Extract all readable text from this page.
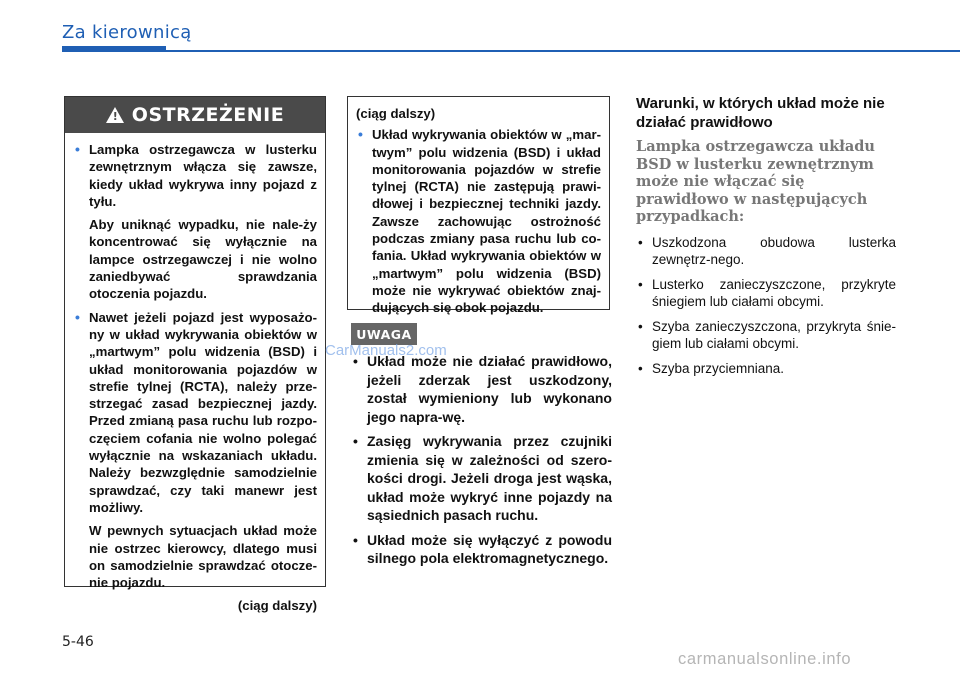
Za kierownicą
! OSTRZEŻENIE
• Lampka ostrzegawcza w lusterku zewnętrznym włącza się zawsze, kiedy układ wykrywa inny pojazd z tyłu.
Aby uniknąć wypadku, nie nale-ży koncentrować się wyłącznie na lampce ostrzegawczej i nie wolno zaniedbywać sprawdzania otoczenia pojazdu.
• Nawet jeżeli pojazd jest wyposażo-ny w układ wykrywania obiektów w „martwym” polu widzenia (BSD) i układ monitorowania pojazdów w strefie tylnej (RCTA), należy prze-strzegać zasad bezpiecznej jazdy. Przed zmianą pasa ruchu lub rozpo-częciem cofania nie wolno polegać wyłącznie na wskazaniach układu. Należy bezwzględnie samodzielnie sprawdzać, czy taki manewr jest możliwy.
W pewnych sytuacjach układ może nie ostrzec kierowcy, dlatego musi on samodzielnie sprawdzać otocze-nie pojazdu.
(ciąg dalszy)
(ciąg dalszy)
• Układ wykrywania obiektów w „mar-twym” polu widzenia (BSD) i układ monitorowania pojazdów w strefie tylnej (RCTA) nie zastępują prawi-dłowej i bezpiecznej techniki jazdy. Zawsze zachowując ostrożność podczas zmiany pasa ruchu lub co-fania. Układ wykrywania obiektów w „martwym” polu widzenia (BSD) może nie wykrywać obiektów znaj-dujących się obok pojazdu.
UWAGA
• Układ może nie działać prawidłowo, jeżeli zderzak jest uszkodzony, został wymieniony lub wykonano jego napra-wę.
• Zasięg wykrywania przez czujniki zmienia się w zależności od szero-kości drogi. Jeżeli droga jest wąska, układ może wykryć inne pojazdy na sąsiednich pasach ruchu.
• Układ może się wyłączyć z powodu silnego pola elektromagnetycznego.
Warunki, w których układ może nie działać prawidłowo
Lampka ostrzegawcza układu BSD w lusterku zewnętrznym może nie włączać się prawidłowo w następujących przypadkach:
• Uszkodzona obudowa lusterka zewnętrz-nego.
• Lusterko zanieczyszczone, przykryte śniegiem lub ciałami obcymi.
• Szyba zanieczyszczona, przykryta śnie-giem lub ciałami obcymi.
• Szyba przyciemniana.
5-46
CarManuals2.com
carmanualsonline.info
